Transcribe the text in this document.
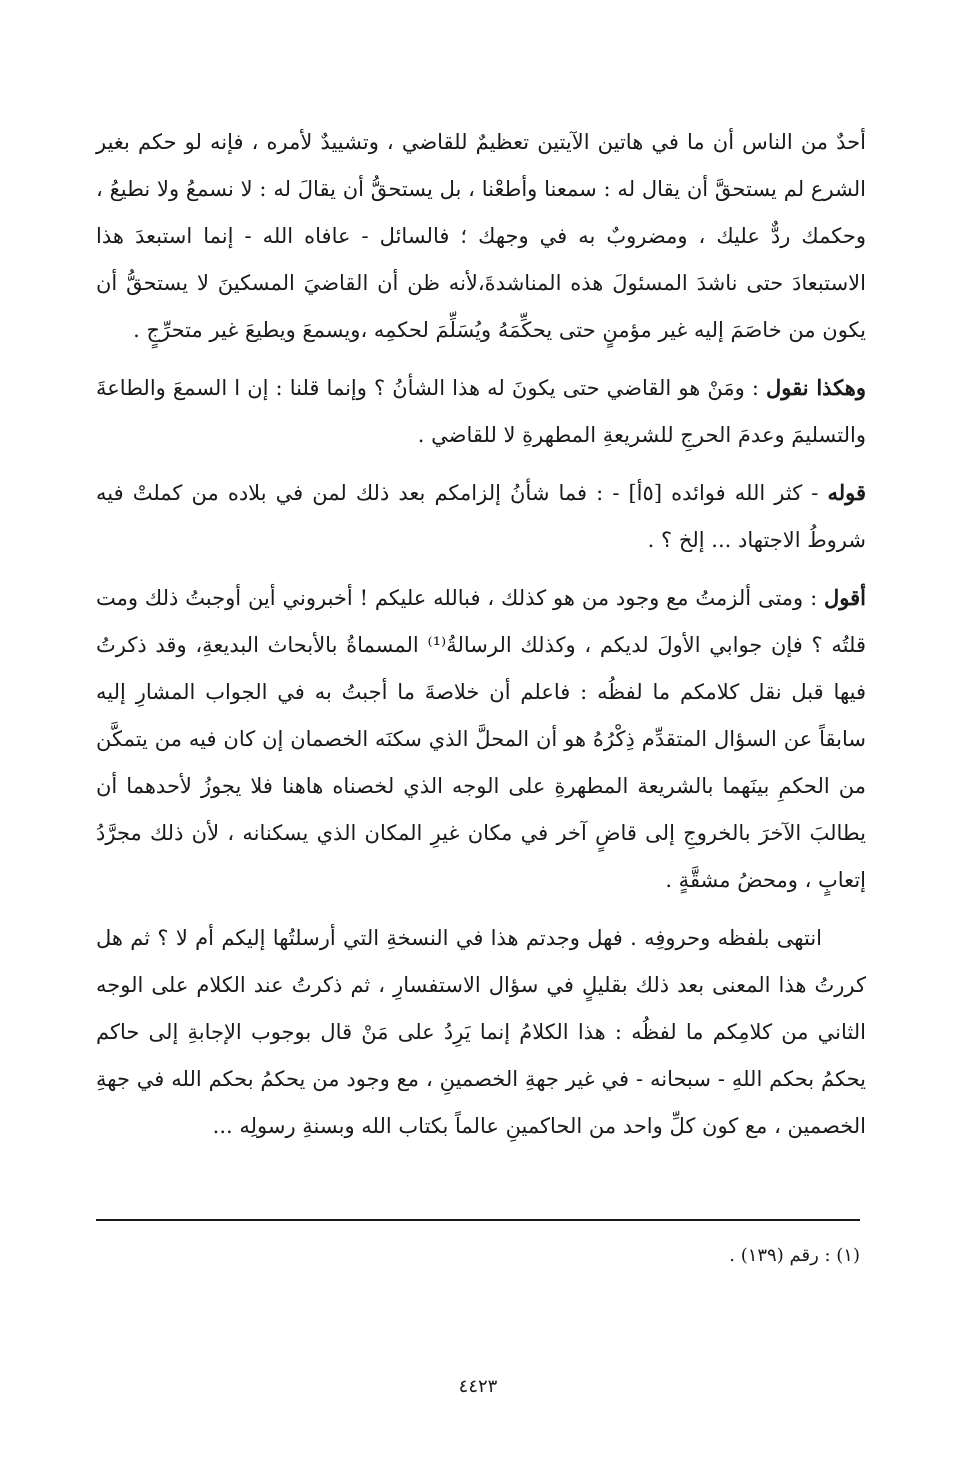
أحدٌ من الناس أن ما في هاتين الآيتين تعظيمٌ للقاضي ، وتشييدٌ لأمره ، فإنه لو حكم بغير الشرع لم يستحقَّ أن يقال له : سمعنا وأطعْنا ، بل يستحقُّ أن يقالَ له : لا نسمعُ ولا نطيعُ ، وحكمك ردٌّ عليك ، ومضروبٌ به في وجهك ؛ فالسائل - عافاه الله - إنما استبعدَ هذا الاستبعادَ حتى ناشدَ المسئولَ هذه المناشدةَ،لأنه ظن أن القاضيَ المسكينَ لا يستحقُّ أن يكون من خاصَمَ إليه غير مؤمنٍ حتى يحكِّمَهُ ويُسَلِّمَ لحكمِه ،ويسمعَ ويطيعَ غير متحرِّجٍ .

وهكذا نقول : ومَنْ هو القاضي حتى يكونَ له هذا الشأنُ ؟ وإنما قلنا : إن ا السمعَ والطاعةَ والتسليمَ وعدمَ الحرجِ للشريعةِ المطهرةِ لا للقاضي .

قوله - كثر الله فوائده [٥أ] - : فما شأنُ إلزامكم بعد ذلك لمن في بلاده من كملتْ فيه شروطُ الاجتهاد ... إلخ ؟ .

أقول : ومتى ألزمتُ مع وجود من هو كذلك ، فبالله عليكم ! أخبروني أين أوجبتُ ذلك ومت قلتُه ؟ فإن جوابي الأولَ لديكم ، وكذلك الرسالةُ⁽¹⁾ المسماةُ بالأبحاث البديعةِ، وقد ذكرتُ فيها قبل نقل كلامكم ما لفظُه : فاعلم أن خلاصةَ ما أجبتُ به في الجواب المشارِ إليه سابقاً عن السؤال المتقدِّم ذِكْرُهُ هو أن المحلَّ الذي سكنَه الخصمان إن كان فيه من يتمكَّن من الحكمِ بينَهما بالشريعة المطهرةِ على الوجه الذي لخصناه هاهنا فلا يجوزُ لأحدهما أن يطالبَ الآخرَ بالخروجِ إلى قاضٍ آخر في مكان غيرِ المكان الذي يسكنانه ، لأن ذلك مجرَّدُ إتعابٍ ، ومحضُ مشقَّةٍ .

انتهى بلفظه وحروفِه . فهل وجدتم هذا في النسخةِ التي أرسلتُها إليكم أم لا ؟ ثم هل كررتُ هذا المعنى بعد ذلك بقليلٍ في سؤال الاستفسارِ ، ثم ذكرتُ عند الكلام على الوجه الثاني من كلامِكم ما لفظُه : هذا الكلامُ إنما يَرِدُ على مَنْ قال بوجوب الإجابةِ إلى حاكم يحكمُ بحكم اللهِ - سبحانه - في غير جهةِ الخصمينِ ، مع وجود من يحكمُ بحكم الله في جهةِ الخصمين ، مع كون كلِّ واحد من الحاكمينِ عالماً بكتاب الله وبسنةِ رسولِه ...

(١) : رقم (١٣٩) .
٤٤٢٣
